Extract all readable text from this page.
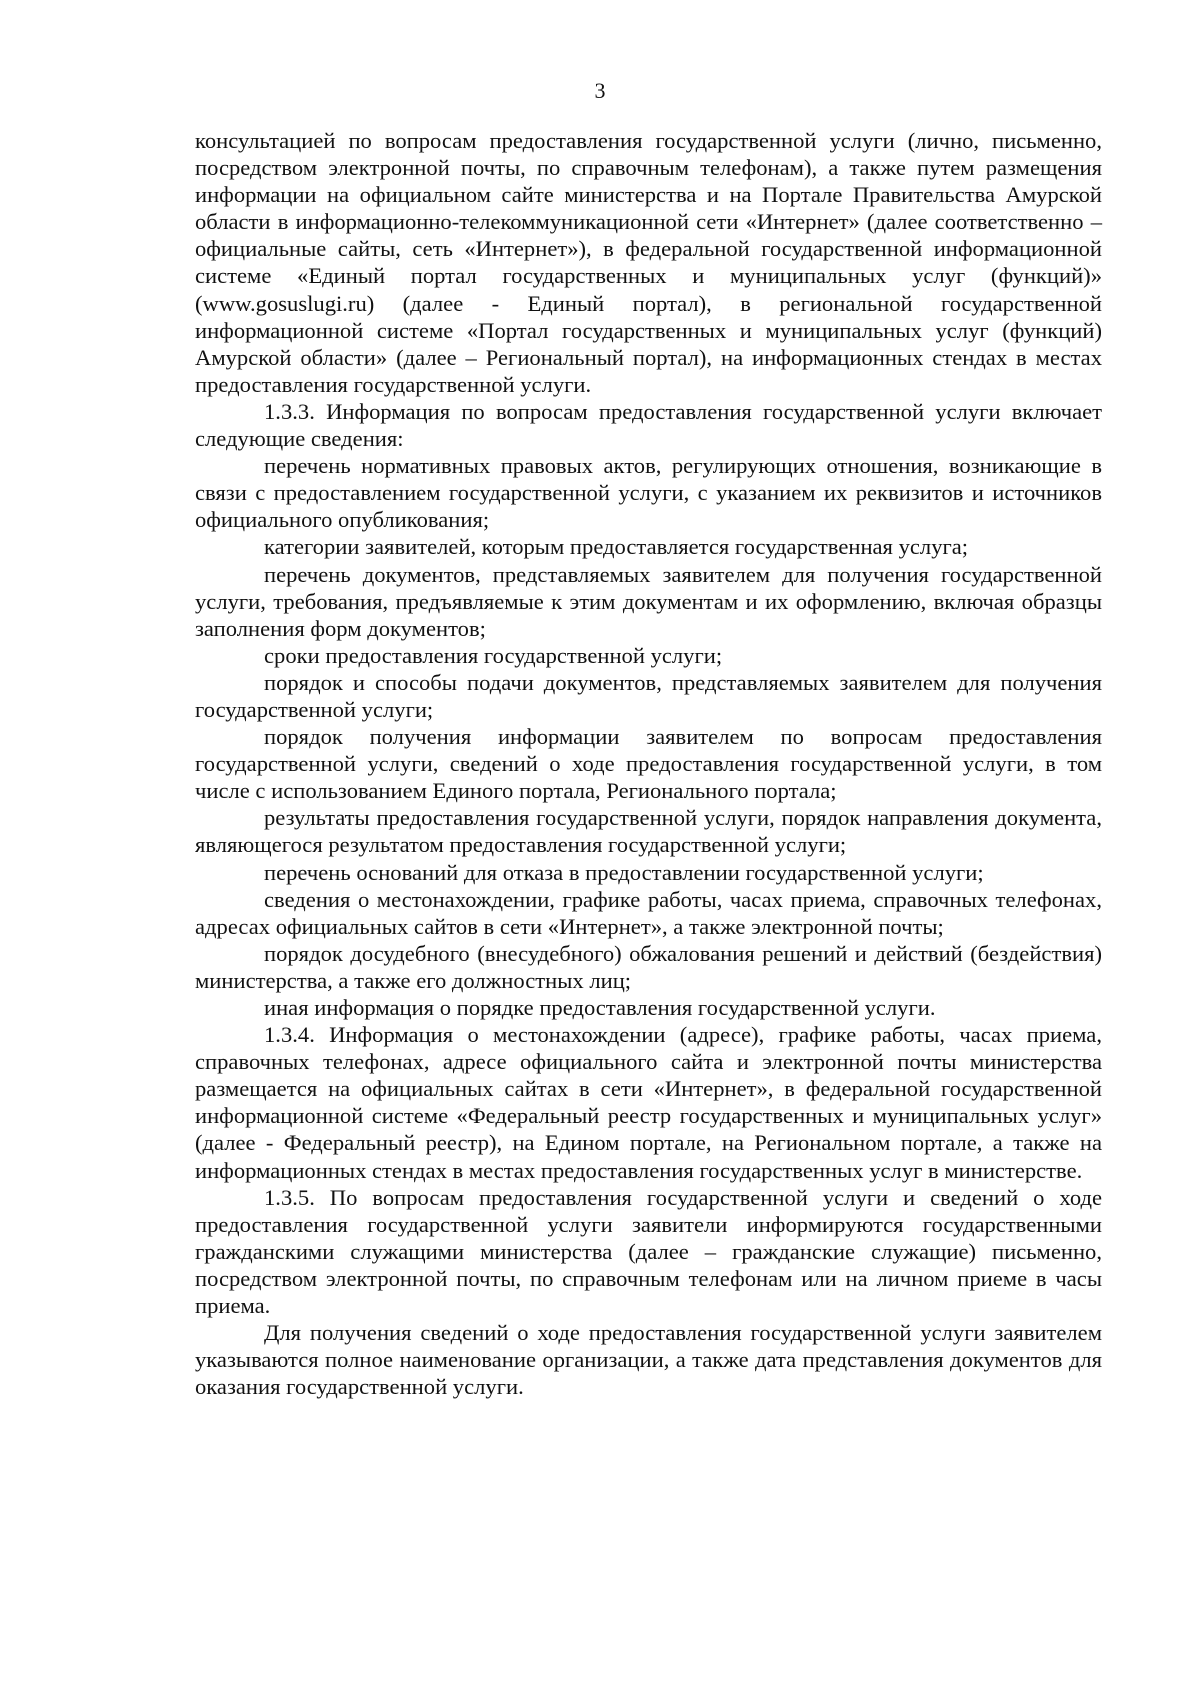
3

консультацией по вопросам предоставления государственной услуги (лично, письменно, посредством электронной почты, по справочным телефонам), а также путем размещения информации на официальном сайте министерства и на Портале Правительства Амурской области в информационно-телекоммуникационной сети «Интернет» (далее соответственно – официальные сайты, сеть «Интернет»), в федеральной государственной информационной системе «Единый портал государственных и муниципальных услуг (функций)» (www.gosuslugi.ru) (далее - Единый портал), в региональной государственной информационной системе «Портал государственных и муниципальных услуг (функций) Амурской области» (далее – Региональный портал), на информационных стендах в местах предоставления государственной услуги.

1.3.3. Информация по вопросам предоставления государственной услуги включает следующие сведения:

перечень нормативных правовых актов, регулирующих отношения, возникающие в связи с предоставлением государственной услуги, с указанием их реквизитов и источников официального опубликования;

категории заявителей, которым предоставляется государственная услуга;

перечень документов, представляемых заявителем для получения государственной услуги, требования, предъявляемые к этим документам и их оформлению, включая образцы заполнения форм документов;

сроки предоставления государственной услуги;

порядок и способы подачи документов, представляемых заявителем для получения государственной услуги;

порядок получения информации заявителем по вопросам предоставления государственной услуги, сведений о ходе предоставления государственной услуги, в том числе с использованием Единого портала, Регионального портала;

результаты предоставления государственной услуги, порядок направления документа, являющегося результатом предоставления государственной услуги;

перечень оснований для отказа в предоставлении государственной услуги;

сведения о местонахождении, графике работы, часах приема, справочных телефонах, адресах официальных сайтов в сети «Интернет», а также электронной почты;

порядок досудебного (внесудебного) обжалования решений и действий (бездействия) министерства, а также его должностных лиц;

иная информация о порядке предоставления государственной услуги.

1.3.4. Информация о местонахождении (адресе), графике работы, часах приема, справочных телефонах, адресе официального сайта и электронной почты министерства размещается на официальных сайтах в сети «Интернет», в федеральной государственной информационной системе «Федеральный реестр государственных и муниципальных услуг» (далее - Федеральный реестр), на Едином портале, на Региональном портале, а также на информационных стендах в местах предоставления государственных услуг в министерстве.

1.3.5. По вопросам предоставления государственной услуги и сведений о ходе предоставления государственной услуги заявители информируются государственными гражданскими служащими министерства (далее – гражданские служащие) письменно, посредством электронной почты, по справочным телефонам или на личном приеме в часы приема.

Для получения сведений о ходе предоставления государственной услуги заявителем указываются полное наименование организации, а также дата представления документов для оказания государственной услуги.
